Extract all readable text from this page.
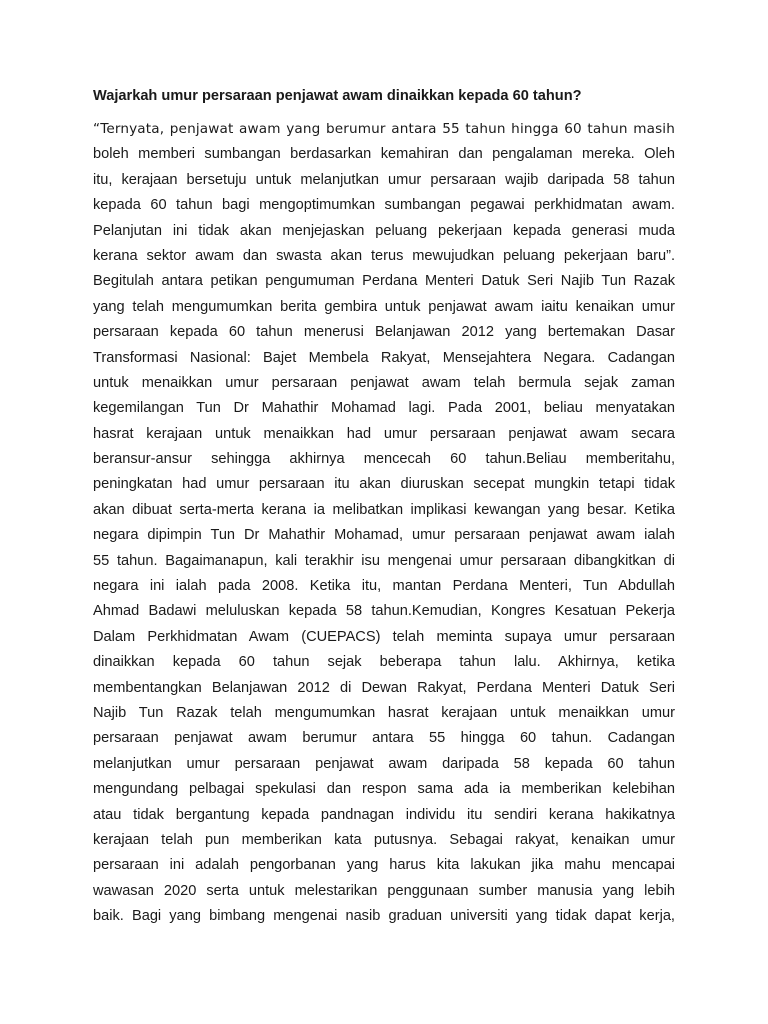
Wajarkah umur persaraan penjawat awam dinaikkan kepada 60 tahun?
“Ternyata, penjawat awam yang berumur antara 55 tahun hingga 60 tahun masih
boleh memberi sumbangan berdasarkan kemahiran dan pengalaman mereka. Oleh
itu, kerajaan bersetuju untuk melanjutkan umur persaraan wajib daripada 58 tahun
kepada 60 tahun bagi mengoptimumkan sumbangan pegawai perkhidmatan awam.
Pelanjutan ini tidak akan menjejaskan peluang pekerjaan kepada generasi muda
kerana sektor awam dan swasta akan terus mewujudkan peluang pekerjaan baru”.
Begitulah antara petikan pengumuman Perdana Menteri Datuk Seri Najib Tun Razak
yang telah mengumumkan berita gembira untuk penjawat awam iaitu kenaikan umur
persaraan kepada 60 tahun menerusi Belanjawan 2012 yang bertemakan Dasar
Transformasi Nasional: Bajet Membela Rakyat, Mensejahtera Negara. Cadangan
untuk menaikkan umur persaraan penjawat awam telah bermula sejak zaman
kegemilangan Tun Dr Mahathir Mohamad lagi. Pada 2001, beliau menyatakan
hasrat kerajaan untuk menaikkan had umur persaraan penjawat awam secara
beransur-ansur sehingga akhirnya mencecah 60 tahun.Beliau memberitahu,
peningkatan had umur persaraan itu akan diuruskan secepat mungkin tetapi tidak
akan dibuat serta-merta kerana ia melibatkan implikasi kewangan yang besar. Ketika
negara dipimpin Tun Dr Mahathir Mohamad, umur persaraan penjawat awam ialah
55 tahun. Bagaimanapun, kali terakhir isu mengenai umur persaraan dibangkitkan di
negara ini ialah pada 2008. Ketika itu, mantan Perdana Menteri, Tun Abdullah
Ahmad Badawi meluluskan kepada 58 tahun.Kemudian, Kongres Kesatuan Pekerja
Dalam Perkhidmatan Awam (CUEPACS) telah meminta supaya umur persaraan
dinaikkan kepada 60 tahun sejak beberapa tahun lalu. Akhirnya, ketika
membentangkan Belanjawan 2012 di Dewan Rakyat, Perdana Menteri Datuk Seri
Najib Tun Razak telah mengumumkan hasrat kerajaan untuk menaikkan umur
persaraan penjawat awam berumur antara 55 hingga 60 tahun. Cadangan
melanjutkan umur persaraan penjawat awam daripada 58 kepada 60 tahun
mengundang pelbagai spekulasi dan respon sama ada ia memberikan kelebihan
atau tidak bergantung kepada pandnagan individu itu sendiri kerana hakikatnya
kerajaan telah pun memberikan kata putusnya. Sebagai rakyat, kenaikan umur
persaraan ini adalah pengorbanan yang harus kita lakukan jika mahu mencapai
wawasan 2020 serta untuk melestarikan penggunaan sumber manusia yang lebih
baik. Bagi yang bimbang mengenai nasib graduan universiti yang tidak dapat kerja,
